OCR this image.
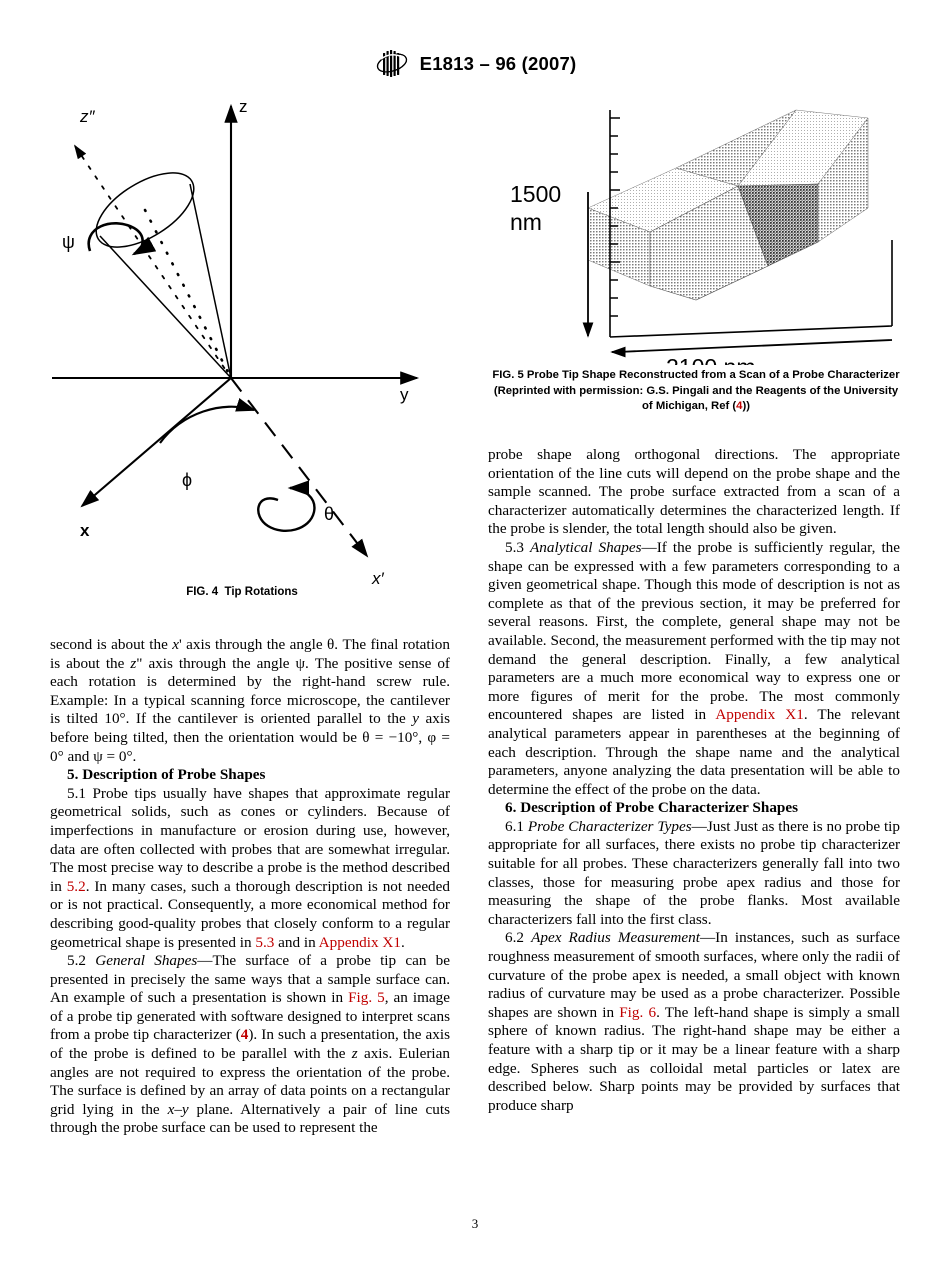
E1813 – 96 (2007)
z
y
x
x′
z″
ψ
ϕ
θ
FIG. 4  Tip Rotations
1500
nm
FIG. 5 Probe Tip Shape Reconstructed from a Scan of a Probe Characterizer (Reprinted with permission: G.S. Pingali and the Reagents of the University of Michigan, Ref (4))

second is about the x' axis through the angle θ. The final rotation is about the z" axis through the angle ψ. The positive sense of each rotation is determined by the right-hand screw rule. Example: In a typical scanning force microscope, the cantilever is tilted 10°. If the cantilever is oriented parallel to the y axis before being tilted, then the orientation would be θ = −10°, φ = 0° and ψ = 0°.

5. Description of Probe Shapes

5.1 Probe tips usually have shapes that approximate regular geometrical solids, such as cones or cylinders. Because of imperfections in manufacture or erosion during use, however, data are often collected with probes that are somewhat irregular. The most precise way to describe a probe is the method described in 5.2. In many cases, such a thorough description is not needed or is not practical. Consequently, a more economical method for describing good-quality probes that closely conform to a regular geometrical shape is presented in 5.3 and in Appendix X1.

5.2 General Shapes—The surface of a probe tip can be presented in precisely the same ways that a sample surface can. An example of such a presentation is shown in Fig. 5, an image of a probe tip generated with software designed to interpret scans from a probe tip characterizer (4). In such a presentation, the axis of the probe is defined to be parallel with the z axis. Eulerian angles are not required to express the orientation of the probe. The surface is defined by an array of data points on a rectangular grid lying in the x–y plane. Alternatively a pair of line cuts through the probe surface can be used to represent the

probe shape along orthogonal directions. The appropriate orientation of the line cuts will depend on the probe shape and the sample scanned. The probe surface extracted from a scan of a characterizer automatically determines the characterized length. If the probe is slender, the total length should also be given.

5.3 Analytical Shapes—If the probe is sufficiently regular, the shape can be expressed with a few parameters corresponding to a given geometrical shape. Though this mode of description is not as complete as that of the previous section, it may be preferred for several reasons. First, the complete, general shape may not be available. Second, the measurement performed with the tip may not demand the general description. Finally, a few analytical parameters are a much more economical way to express one or more figures of merit for the probe. The most commonly encountered shapes are listed in Appendix X1. The relevant analytical parameters appear in parentheses at the beginning of each description. Through the shape name and the analytical parameters, anyone analyzing the data presentation will be able to determine the effect of the probe on the data.

6. Description of Probe Characterizer Shapes

6.1 Probe Characterizer Types—Just Just as there is no probe tip appropriate for all surfaces, there exists no probe tip characterizer suitable for all probes. These characterizers generally fall into two classes, those for measuring probe apex radius and those for measuring the shape of the probe flanks. Most available characterizers fall into the first class.

6.2 Apex Radius Measurement—In instances, such as surface roughness measurement of smooth surfaces, where only the radii of curvature of the probe apex is needed, a small object with known radius of curvature may be used as a probe characterizer. Possible shapes are shown in Fig. 6. The left-hand shape is simply a small sphere of known radius. The right-hand shape may be either a feature with a sharp tip or it may be a linear feature with a sharp edge. Spheres such as colloidal metal particles or latex are described below. Sharp points may be provided by surfaces that produce sharp

3
